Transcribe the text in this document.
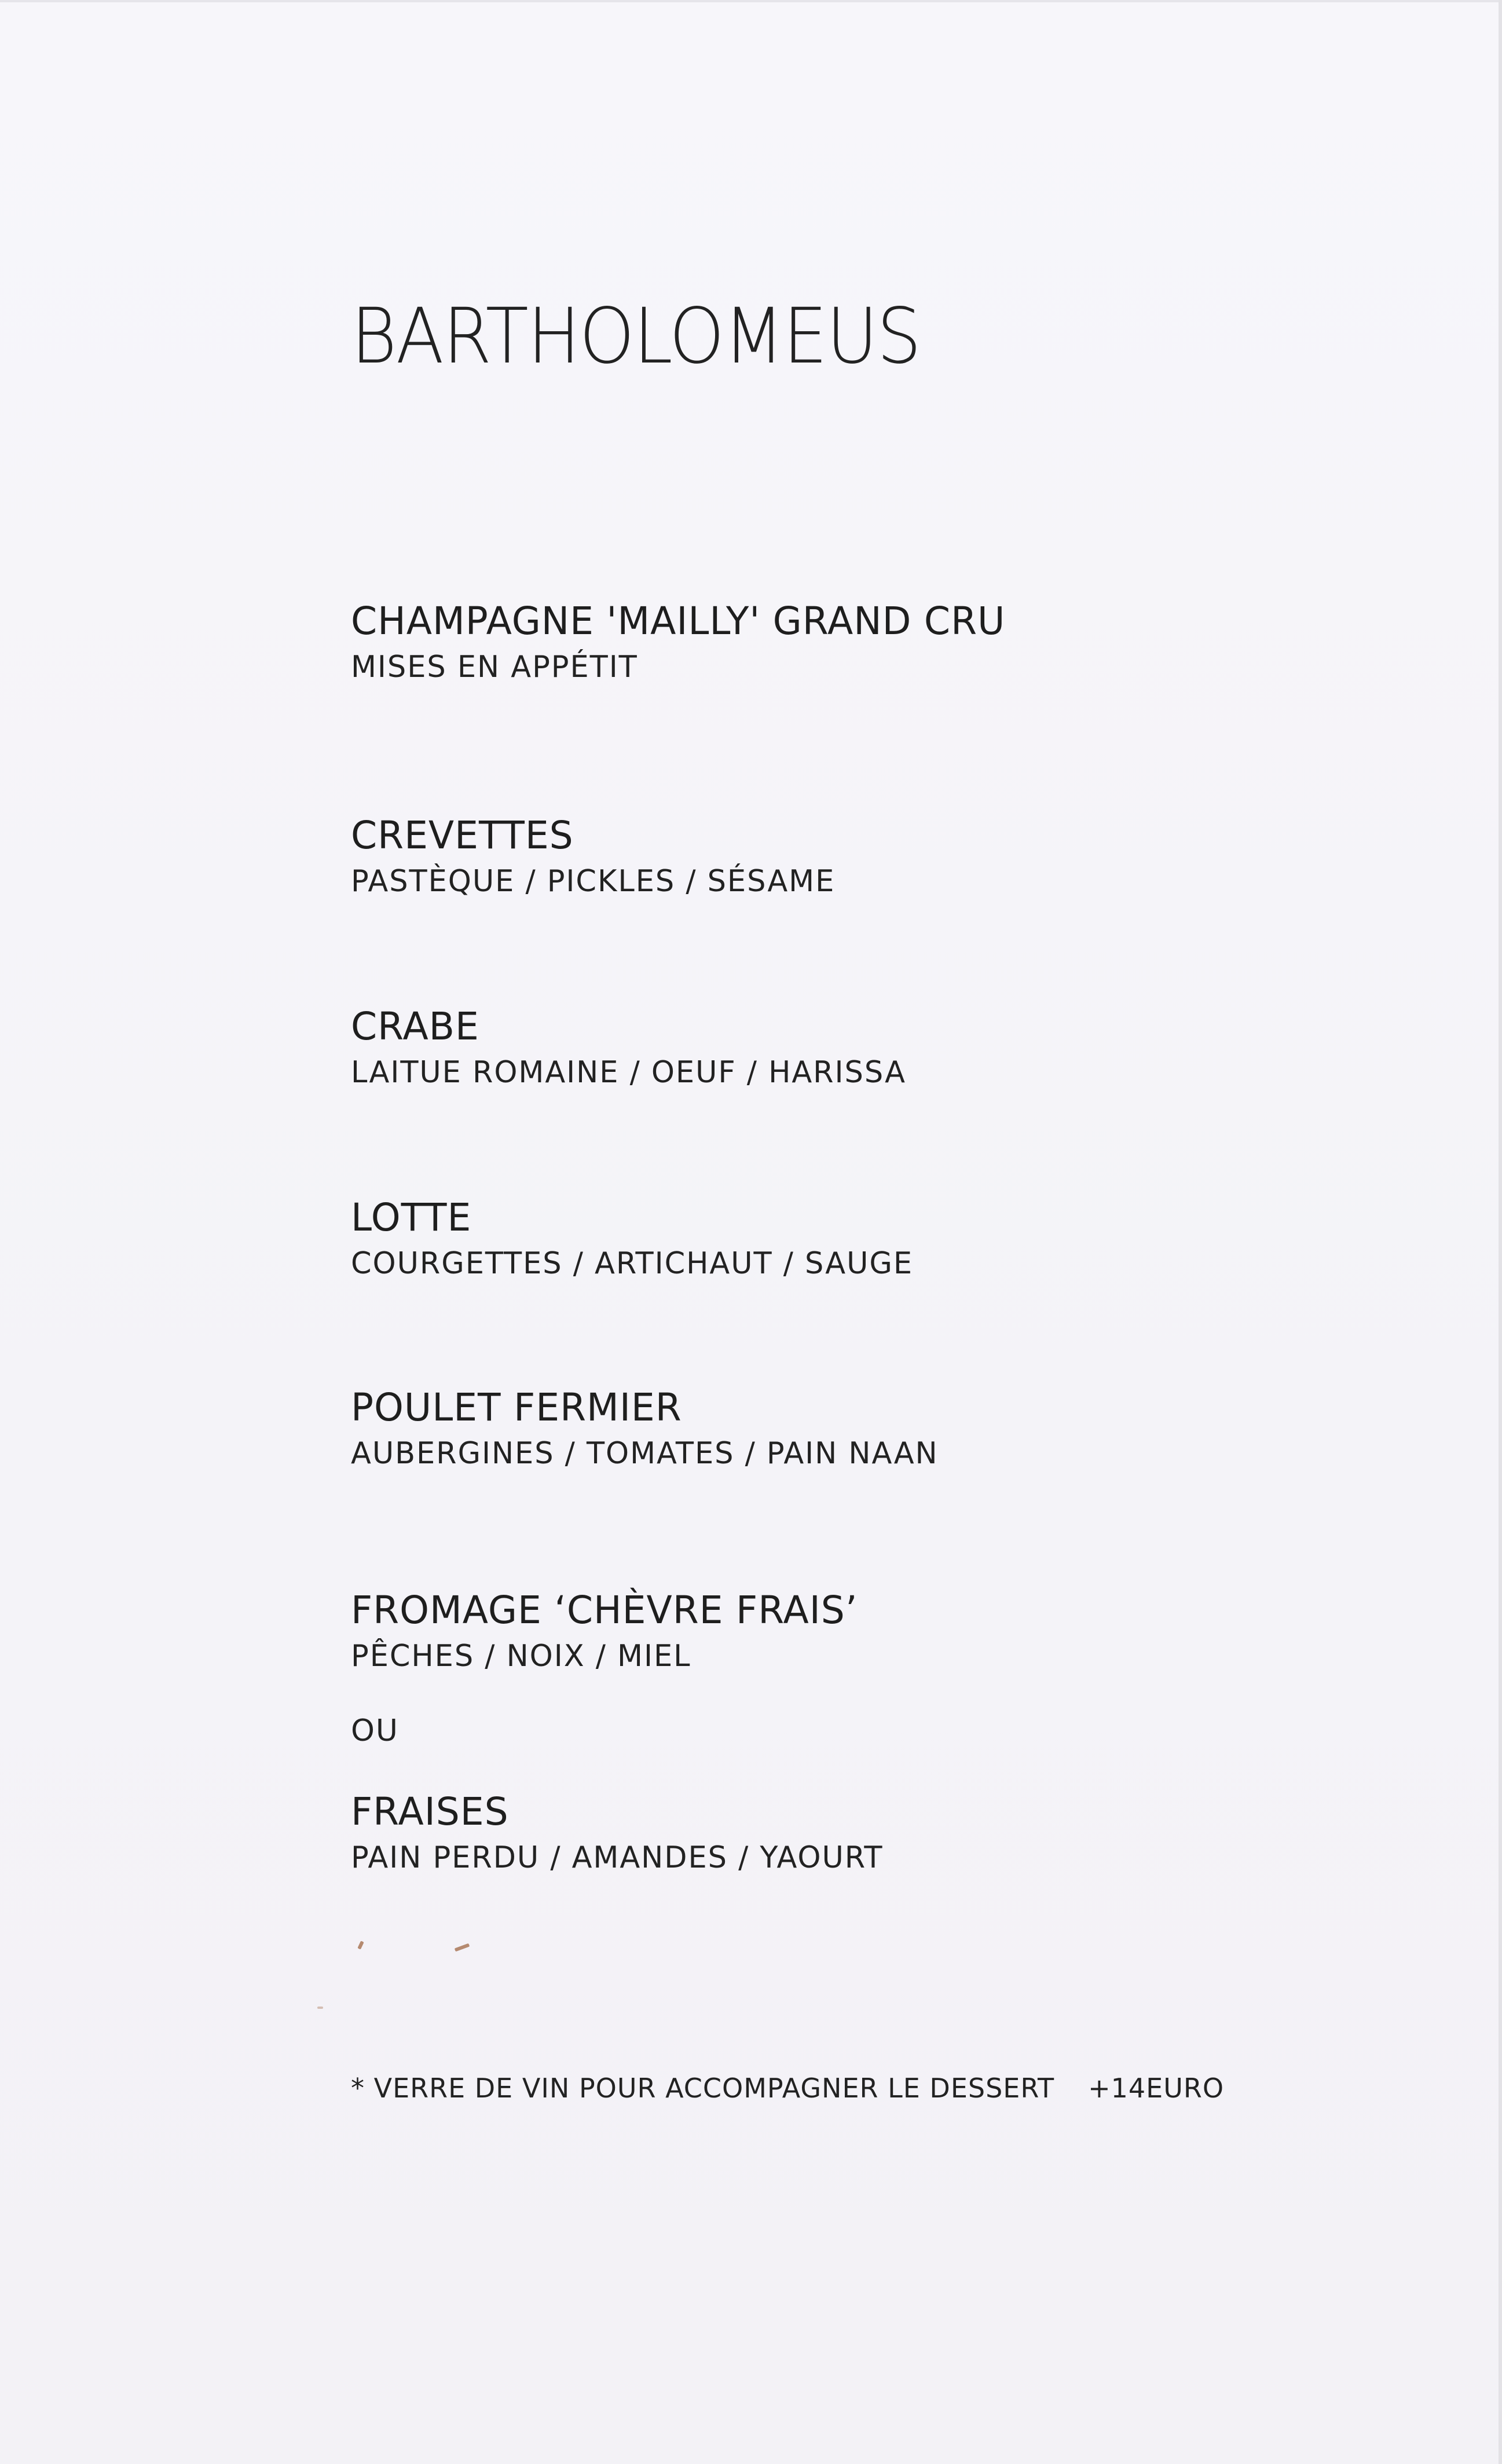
BARTHOLOMEUS
CHAMPAGNE 'MAILLY' GRAND CRU
MISES EN APPÉTIT
CREVETTES
PASTÈQUE / PICKLES / SÉSAME
CRABE
LAITUE ROMAINE / OEUF / HARISSA
LOTTE
COURGETTES / ARTICHAUT / SAUGE
POULET FERMIER
AUBERGINES / TOMATES / PAIN NAAN
FROMAGE ‘CHÈVRE FRAIS’
PÊCHES / NOIX / MIEL
OU
FRAISES
PAIN PERDU / AMANDES / YAOURT
* VERRE DE VIN POUR ACCOMPAGNER LE DESSERT +14EURO
